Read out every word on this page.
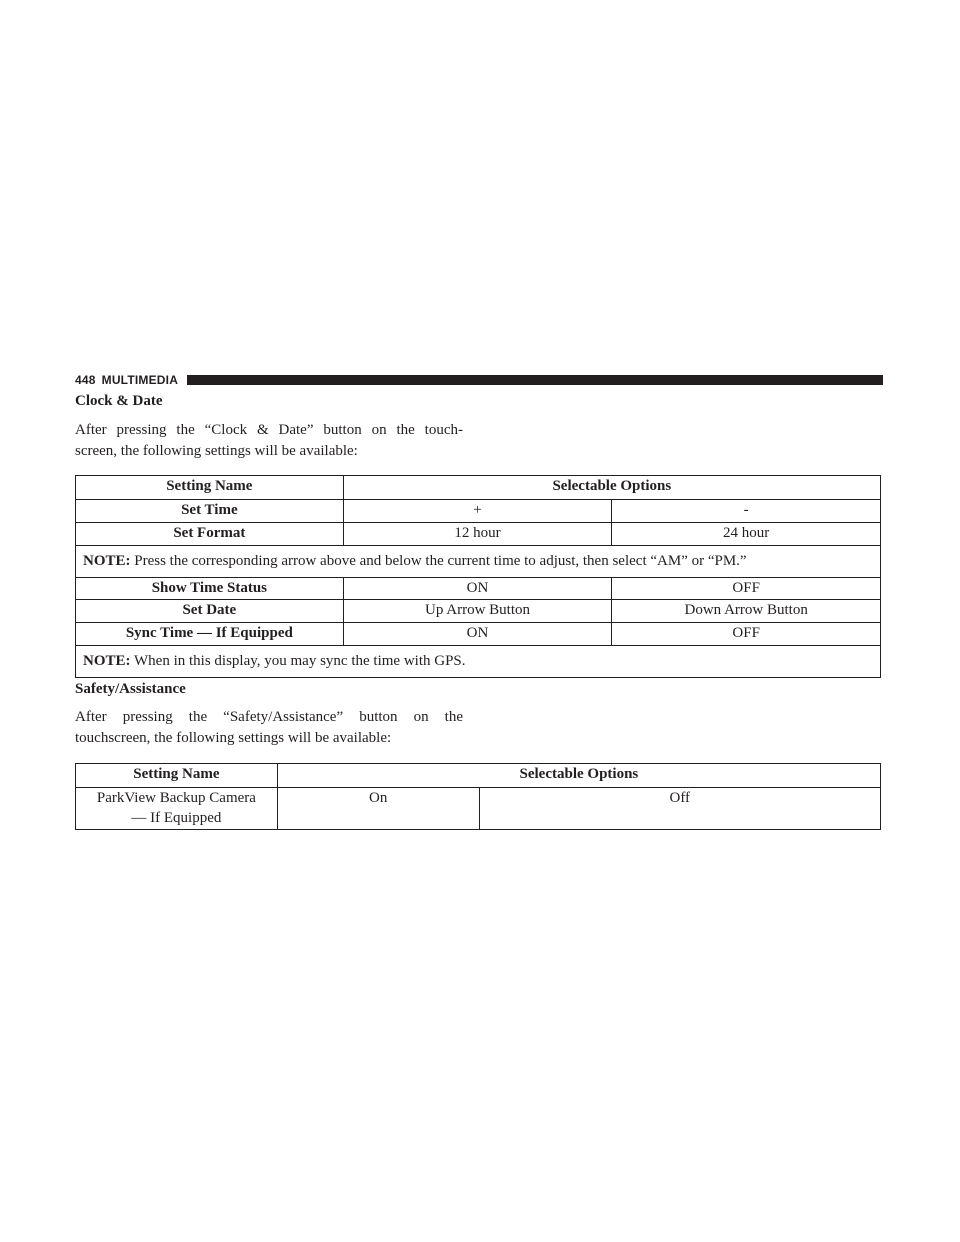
448 MULTIMEDIA
Clock & Date
After pressing the “Clock & Date” button on the touch-
screen, the following settings will be available:
Setting Name	Selectable Options	
Set Time	+	-
Set Format	12 hour	24 hour
NOTE: Press the corresponding arrow above and below the current time to adjust, then select “AM” or “PM.”		
Show Time Status	ON	OFF
Set Date	Up Arrow Button	Down Arrow Button
Sync Time — If Equipped	ON	OFF
NOTE: When in this display, you may sync the time with GPS.		
Safety/Assistance
After pressing the “Safety/Assistance” button on the
touchscreen, the following settings will be available:
Setting Name	Selectable Options	

ParkView Backup Camera
— If Equipped	On	Off
